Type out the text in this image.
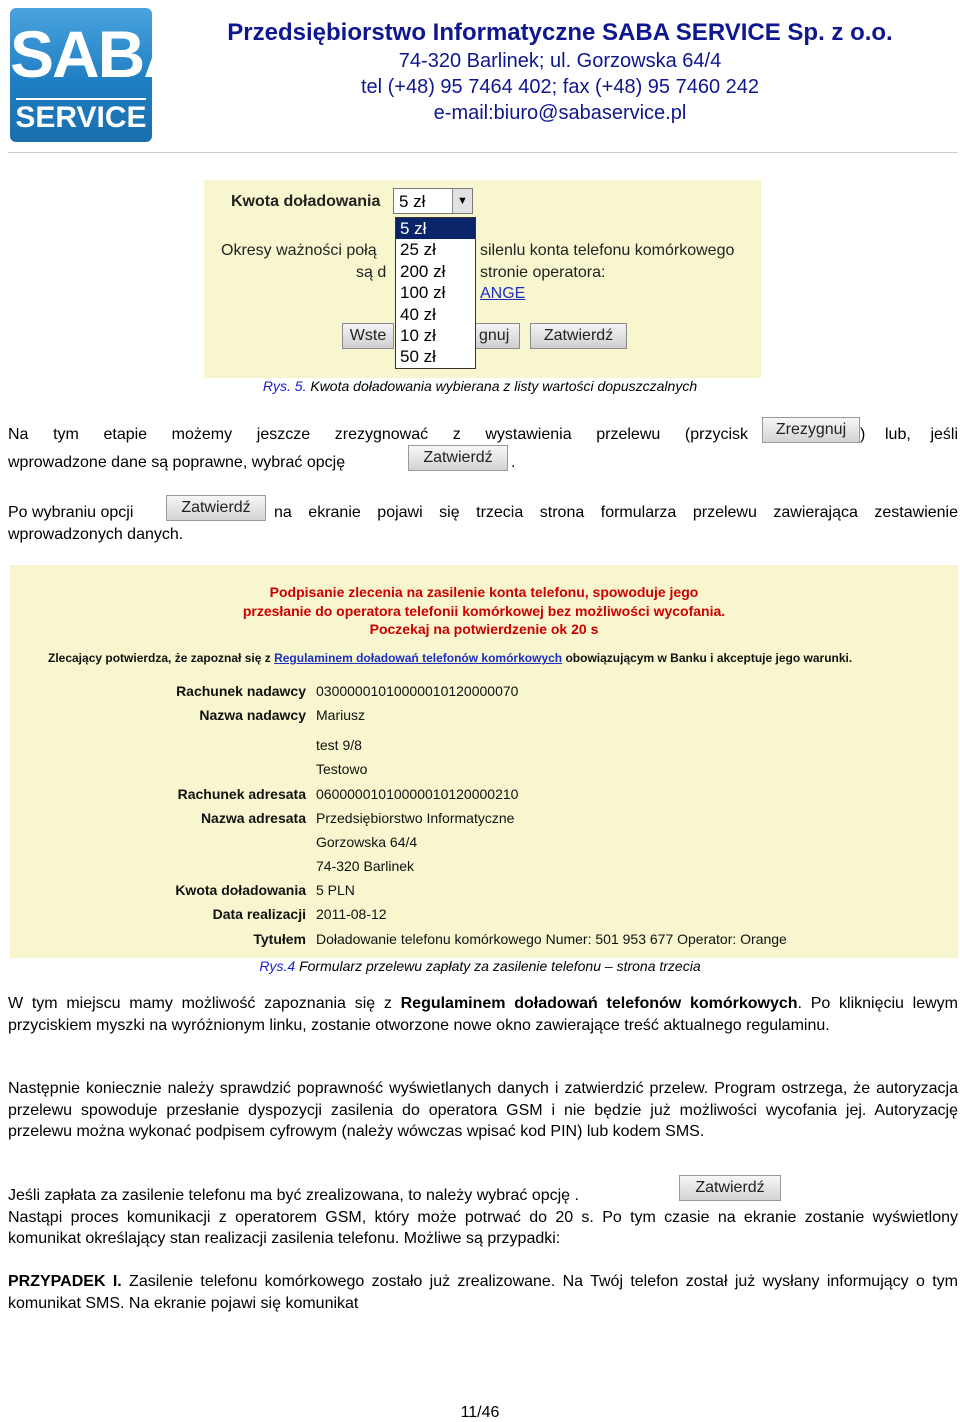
SABA
SERVICE
Przedsiębiorstwo Informatyczne SABA SERVICE Sp. z o.o.
74-320 Barlinek; ul. Gorzowska 64/4
tel (+48) 95 7464 402; fax (+48) 95 7460 242
e-mail:biuro@sabaservice.pl
Kwota doładowania 5 zł	▼
Okresy ważności połą	silenlu konta telefonu komórkowego
są d	stronie operatora:
ANGE
Wste	gnuj	Zatwierdź
5 zł
25 zł
200 zł
100 zł
40 zł
10 zł
50 zł
Rys. 5. Kwota doładowania wybierana z listy wartości dopuszczalnych
Na tym etapie możemy jeszcze zrezygnować z wystawienia przelewu (przycisk	) lub, jeśli
wprowadzone dane są poprawne, wybrać opcję	.
Zrezygnuj
Zatwierdź
Po wybraniu opcji	na ekranie pojawi się trzecia strona formularza przelewu zawierająca zestawienie
wprowadzonych danych.
Zatwierdź
Podpisanie zlecenia na zasilenie konta telefonu, spowoduje jego
przesłanie do operatora telefonii komórkowej bez możliwości wycofania.
Poczekaj na potwierdzenie ok 20 s
Zlecający potwierdza, że zapoznał się z Regulaminem doładowań telefonów komórkowych obowiązującym w Banku i akceptuje jego warunki.
Rachunek nadawcy 03000001010000010120000070
Nazwa nadawcy Mariusz
test 9/8
Testowo
Rachunek adresata 06000001010000010120000210
Nazwa adresata Przedsiębiorstwo Informatyczne
Gorzowska 64/4
74-320 Barlinek
Kwota doładowania 5 PLN
Data realizacji 2011-08-12
Tytułem Doładowanie telefonu komórkowego Numer: 501 953 677 Operator: Orange
Rys.4 Formularz przelewu zapłaty za zasilenie telefonu – strona trzecia
W tym miejscu mamy możliwość zapoznania się z Regulaminem doładowań telefonów komórkowych. Po kliknięciu lewym przyciskiem myszki na wyróżnionym linku, zostanie otworzone nowe okno zawierające treść aktualnego regulaminu.
Następnie koniecznie należy sprawdzić poprawność wyświetlanych danych i zatwierdzić przelew. Program ostrzega, że autoryzacja przelewu spowoduje przesłanie dyspozycji zasilenia do operatora GSM i nie będzie już możliwości wycofania jej. Autoryzację przelewu można wykonać podpisem cyfrowym (należy wówczas wpisać kod PIN) lub kodem SMS.
Jeśli zapłata za zasilenie telefonu ma być zrealizowana, to należy wybrać opcję .
Nastąpi proces komunikacji z operatorem GSM, który może potrwać do 20 s. Po tym czasie na ekranie zostanie wyświetlony komunikat określający stan realizacji zasilenia telefonu. Możliwe są przypadki:
Zatwierdź
PRZYPADEK I. Zasilenie telefonu komórkowego zostało już zrealizowane. Na Twój telefon został już wysłany informujący o tym komunikat SMS. Na ekranie pojawi się komunikat
11/46
